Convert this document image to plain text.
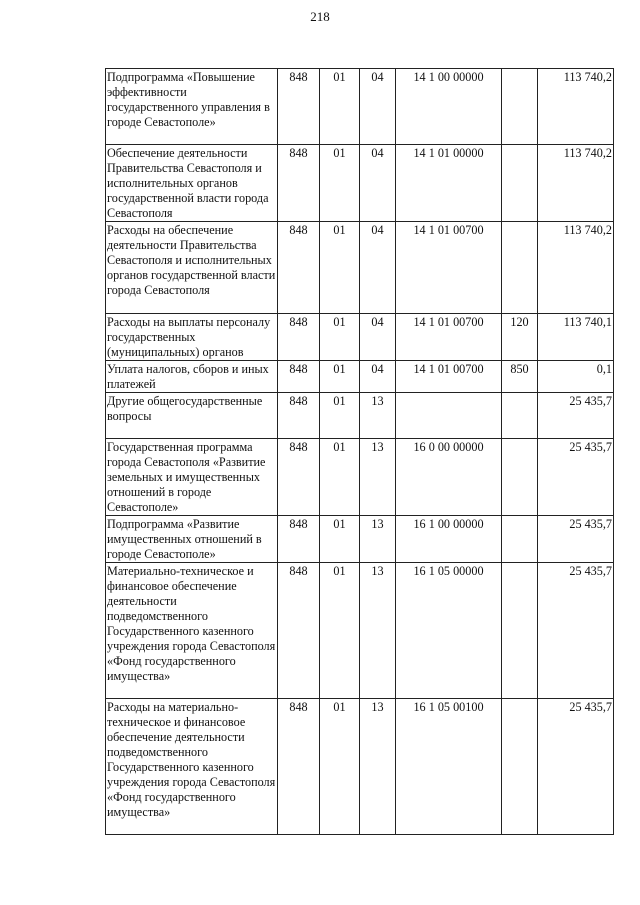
218
Подпрограмма «Повышение эффективности государственного управления в городе Севастополе»	848	01	04	14 1 00 00000		113 740,2
Обеспечение деятельности Правительства Севастополя и исполнительных органов государственной власти города Севастополя	848	01	04	14 1 01 00000		113 740,2
Расходы на обеспечение деятельности Правительства Севастополя и исполнительных органов государственной власти города Севастополя	848	01	04	14 1 01 00700		113 740,2
Расходы на выплаты персоналу государственных (муниципальных) органов	848	01	04	14 1 01 00700	120	113 740,1
Уплата налогов, сборов и иных платежей	848	01	04	14 1 01 00700	850	0,1
Другие общегосударственные вопросы	848	01	13			25 435,7
Государственная программа города Севастополя «Развитие земельных и имущественных отношений в городе Севастополе»	848	01	13	16 0 00 00000		25 435,7
Подпрограмма «Развитие имущественных отношений в городе Севастополе»	848	01	13	16 1 00 00000		25 435,7
Материально-техническое и финансовое обеспечение деятельности подведомственного Государственного казенного учреждения города Севастополя «Фонд государственного имущества»	848	01	13	16 1 05 00000		25 435,7
Расходы на материально-техническое и финансовое обеспечение деятельности подведомственного Государственного казенного учреждения города Севастополя «Фонд государственного имущества»	848	01	13	16 1 05 00100		25 435,7
